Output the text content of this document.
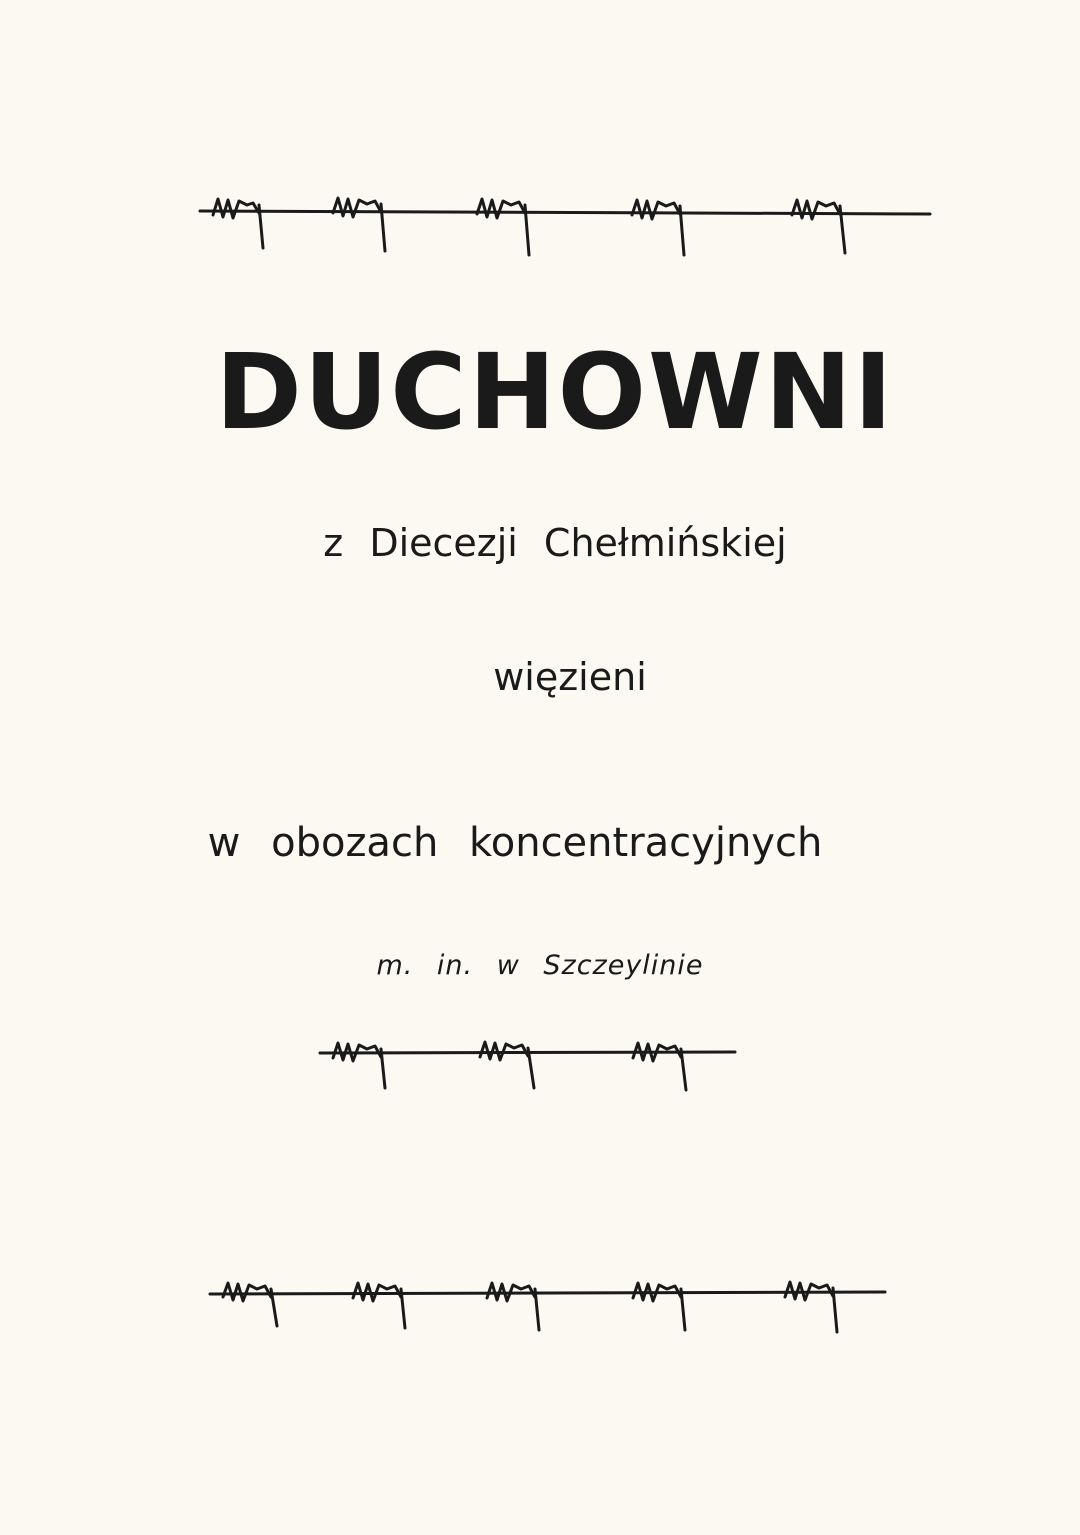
DUCHOWNI
z Diecezji Chełmińskiej
więzieni
w obozach koncentracyjnych
m. in. w Szczeylinie
